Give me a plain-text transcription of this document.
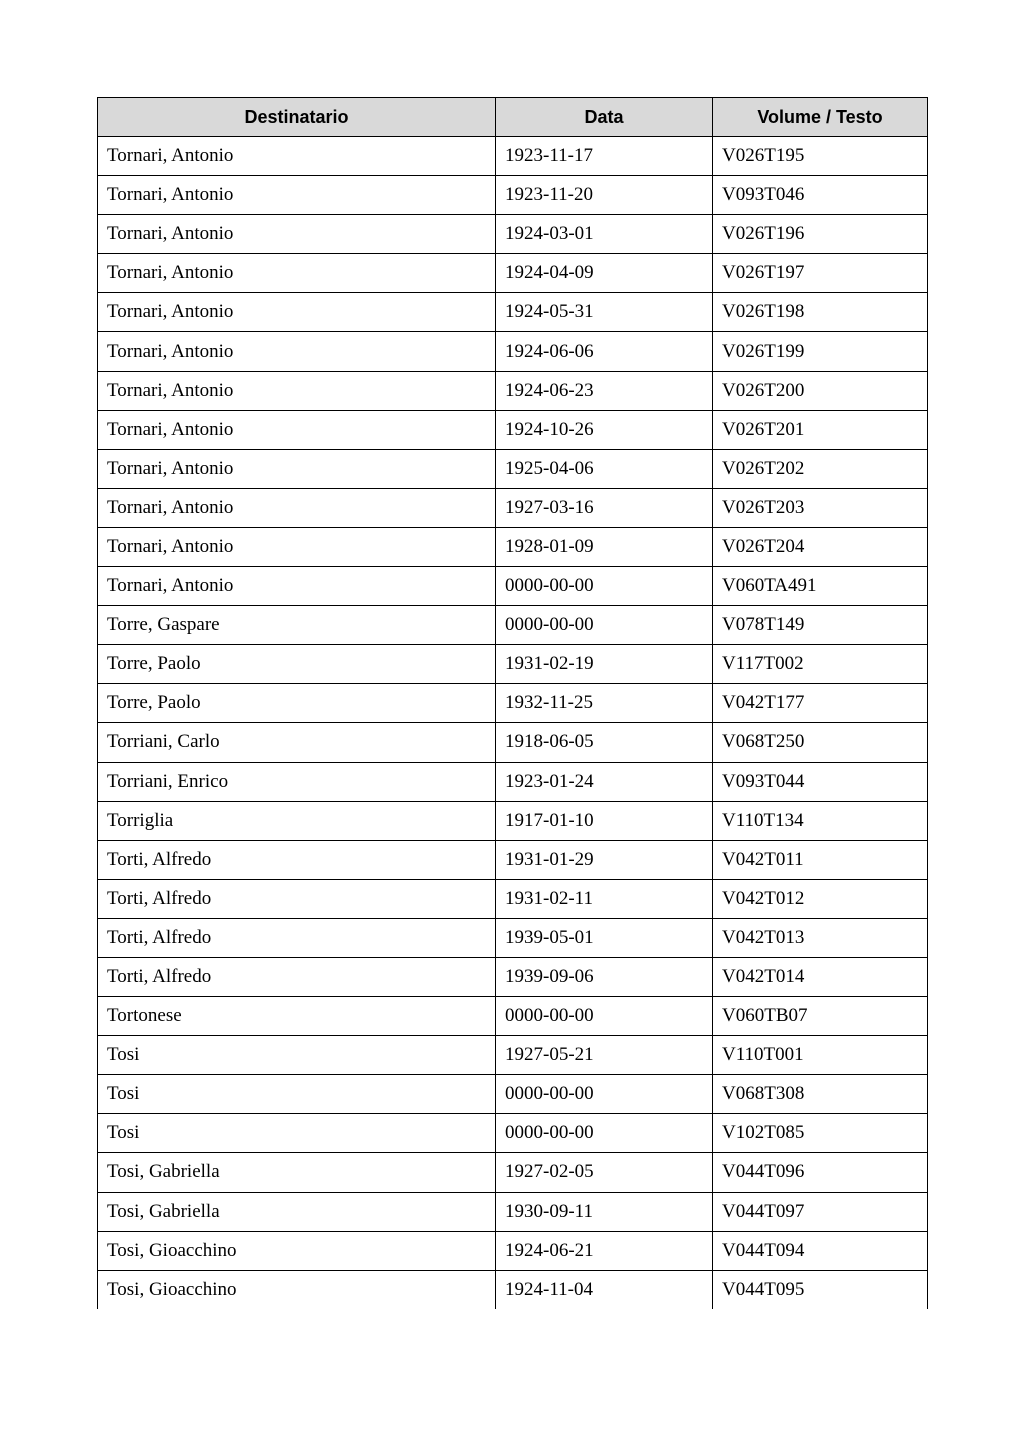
Destinatario	Data	Volume / Testo
Tornari, Antonio	1923-11-17	V026T195
Tornari, Antonio	1923-11-20	V093T046
Tornari, Antonio	1924-03-01	V026T196
Tornari, Antonio	1924-04-09	V026T197
Tornari, Antonio	1924-05-31	V026T198
Tornari, Antonio	1924-06-06	V026T199
Tornari, Antonio	1924-06-23	V026T200
Tornari, Antonio	1924-10-26	V026T201
Tornari, Antonio	1925-04-06	V026T202
Tornari, Antonio	1927-03-16	V026T203
Tornari, Antonio	1928-01-09	V026T204
Tornari, Antonio	0000-00-00	V060TA491
Torre, Gaspare	0000-00-00	V078T149
Torre, Paolo	1931-02-19	V117T002
Torre, Paolo	1932-11-25	V042T177
Torriani, Carlo	1918-06-05	V068T250
Torriani, Enrico	1923-01-24	V093T044
Torriglia	1917-01-10	V110T134
Torti, Alfredo	1931-01-29	V042T011
Torti, Alfredo	1931-02-11	V042T012
Torti, Alfredo	1939-05-01	V042T013
Torti, Alfredo	1939-09-06	V042T014
Tortonese	0000-00-00	V060TB07
Tosi	1927-05-21	V110T001
Tosi	0000-00-00	V068T308
Tosi	0000-00-00	V102T085
Tosi, Gabriella	1927-02-05	V044T096
Tosi, Gabriella	1930-09-11	V044T097
Tosi, Gioacchino	1924-06-21	V044T094
Tosi, Gioacchino	1924-11-04	V044T095
